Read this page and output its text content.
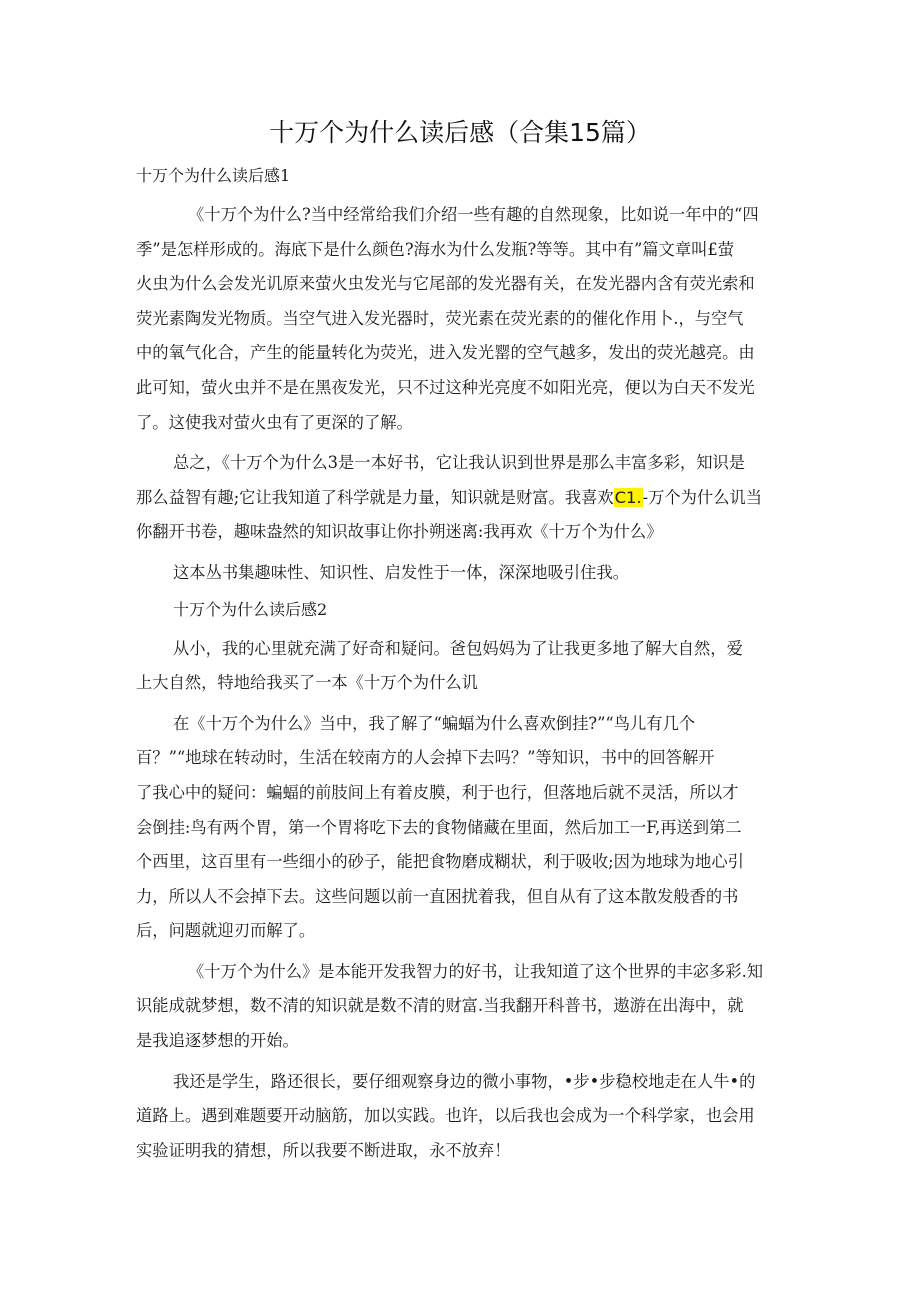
十万个为什么读后感（合集15篇）
十万个为什么读后感1
《十万个为什么?当中经常给我们介绍一些有趣的自然现象，比如说一年中的“四
季”是怎样形成的。海底下是什么颜色?海水为什么发瓶?等等。其中有”篇文章叫£萤
火虫为什么会发光讥原来萤火虫发光与它尾部的发光器有关，在发光器内含有荧光索和
荧光素陶发光物质。当空气进入发光器时，荧光素在荧光素的的催化作用卜.，与空气
中的氧气化合，产生的能量转化为荧光，进入发光罂的空气越多，发出的荧光越亮。由
此可知，萤火虫并不是在黑夜发光，只不过这种光亮度不如阳光亮，便以为白天不发光
了。这使我对萤火虫有了更深的了解。
总之，《十万个为什么3是一本好书，它让我认识到世界是那么丰富多彩，知识是
那么益智有趣;它让我知道了科学就是力量，知识就是财富。我喜欢C1.-万个为什么讥当
你翻开书卷，趣味盎然的知识故事让你扑朔迷离:我再欢《十万个为什么》
这本丛书集趣味性、知识性、启发性于一体，深深地吸引住我。
十万个为什么读后感2
从小，我的心里就充满了好奇和疑问。爸包妈妈为了让我更多地了解大自然，爱
上大自然，特地给我买了一本《十万个为什么讥
在《十万个为什么》当中，我了解了“蝙蝠为什么喜欢倒挂?”“鸟儿有几个
百？”“地球在转动时，生活在较南方的人会掉下去吗？”等知识，书中的回答解开
了我心中的疑问：蝙蝠的前肢间上有着皮膜，利于也行，但落地后就不灵活，所以才
会倒挂:鸟有两个胃，第一个胃将吃下去的食物储藏在里面，然后加工一F,再送到第二
个西里，这百里有一些细小的砂子，能把食物磨成糊状，利于吸收;因为地球为地心引
力，所以人不会掉下去。这些问题以前一直困扰着我，但自从有了这本散发般香的书
后，问题就迎刃而解了。
《十万个为什么》是本能开发我智力的好书，让我知道了这个世界的丰宓多彩.知
识能成就梦想，数不清的知识就是数不清的财富.当我翻开科普书，遨游在出海中，就
是我追逐梦想的开始。
我还是学生，路还很长，要仔细观察身边的微小事物，•步•步稳校地走在人牛•的
道路上。遇到难题要开动脑筋，加以实践。也许，以后我也会成为一个科学家，也会用
实验证明我的猜想，所以我要不断进取，永不放弃！
